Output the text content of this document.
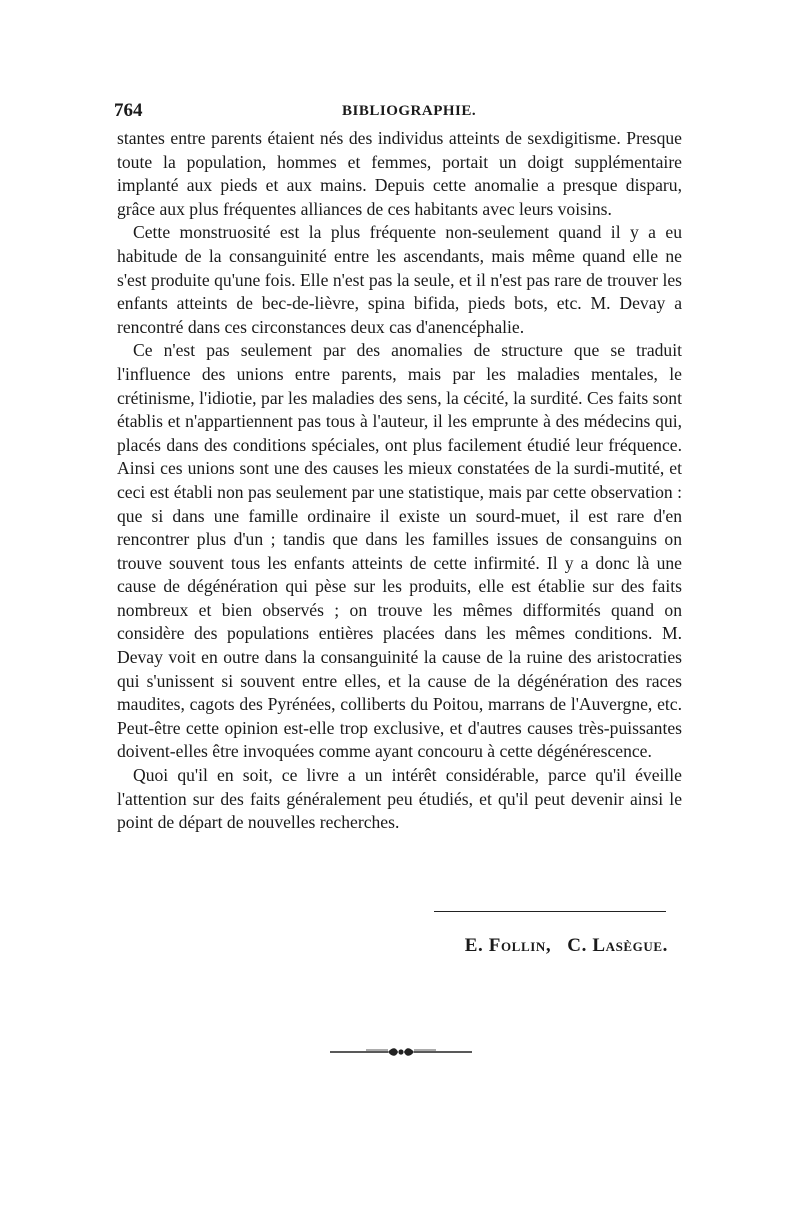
764	BIBLIOGRAPHIE.

stantes entre parents étaient nés des individus atteints de sexdigitisme. Presque toute la population, hommes et femmes, portait un doigt supplémentaire implanté aux pieds et aux mains. Depuis cette anomalie a presque disparu, grâce aux plus fréquentes alliances de ces habitants avec leurs voisins.

Cette monstruosité est la plus fréquente non-seulement quand il y a eu habitude de la consanguinité entre les ascendants, mais même quand elle ne s'est produite qu'une fois. Elle n'est pas la seule, et il n'est pas rare de trouver les enfants atteints de bec-de-lièvre, spina bifida, pieds bots, etc. M. Devay a rencontré dans ces circonstances deux cas d'anencéphalie.

Ce n'est pas seulement par des anomalies de structure que se traduit l'influence des unions entre parents, mais par les maladies mentales, le crétinisme, l'idiotie, par les maladies des sens, la cécité, la surdité. Ces faits sont établis et n'appartiennent pas tous à l'auteur, il les emprunte à des médecins qui, placés dans des conditions spéciales, ont plus facilement étudié leur fréquence. Ainsi ces unions sont une des causes les mieux constatées de la surdi-mutité, et ceci est établi non pas seulement par une statistique, mais par cette observation : que si dans une famille ordinaire il existe un sourd-muet, il est rare d'en rencontrer plus d'un ; tandis que dans les familles issues de consanguins on trouve souvent tous les enfants atteints de cette infirmité. Il y a donc là une cause de dégénération qui pèse sur les produits, elle est établie sur des faits nombreux et bien observés ; on trouve les mêmes difformités quand on considère des populations entières placées dans les mêmes conditions. M. Devay voit en outre dans la consanguinité la cause de la ruine des aristocraties qui s'unissent si souvent entre elles, et la cause de la dégénération des races maudites, cagots des Pyrénées, colliberts du Poitou, marrans de l'Auvergne, etc. Peut-être cette opinion est-elle trop exclusive, et d'autres causes très-puissantes doivent-elles être invoquées comme ayant concouru à cette dégénérescence.

Quoi qu'il en soit, ce livre a un intérêt considérable, parce qu'il éveille l'attention sur des faits généralement peu étudiés, et qu'il peut devenir ainsi le point de départ de nouvelles recherches.

E. Follin, C. Lasègue.
